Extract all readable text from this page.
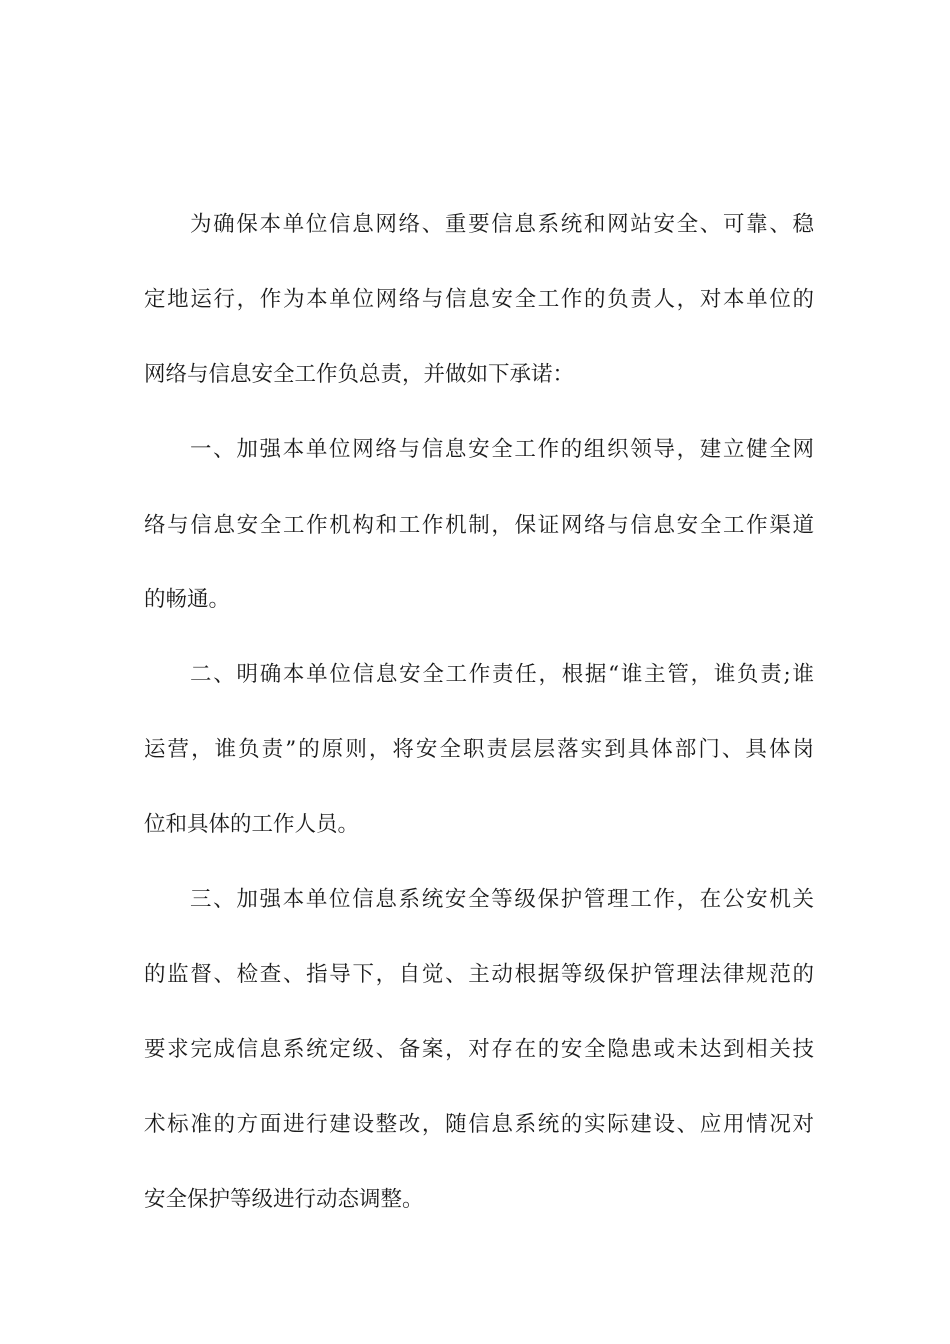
为确保本单位信息网络、重要信息系统和网站安全、可靠、稳
定地运行，作为本单位网络与信息安全工作的负责人，对本单位的
网络与信息安全工作负总责，并做如下承诺：
一、加强本单位网络与信息安全工作的组织领导，建立健全网
络与信息安全工作机构和工作机制，保证网络与信息安全工作渠道
的畅通。
二、明确本单位信息安全工作责任，根据“谁主管，谁负责;谁
运营，谁负责”的原则，将安全职责层层落实到具体部门、具体岗
位和具体的工作人员。
三、加强本单位信息系统安全等级保护管理工作，在公安机关
的监督、检查、指导下，自觉、主动根据等级保护管理法律规范的
要求完成信息系统定级、备案，对存在的安全隐患或未达到相关技
术标准的方面进行建设整改，随信息系统的实际建设、应用情况对
安全保护等级进行动态调整。
